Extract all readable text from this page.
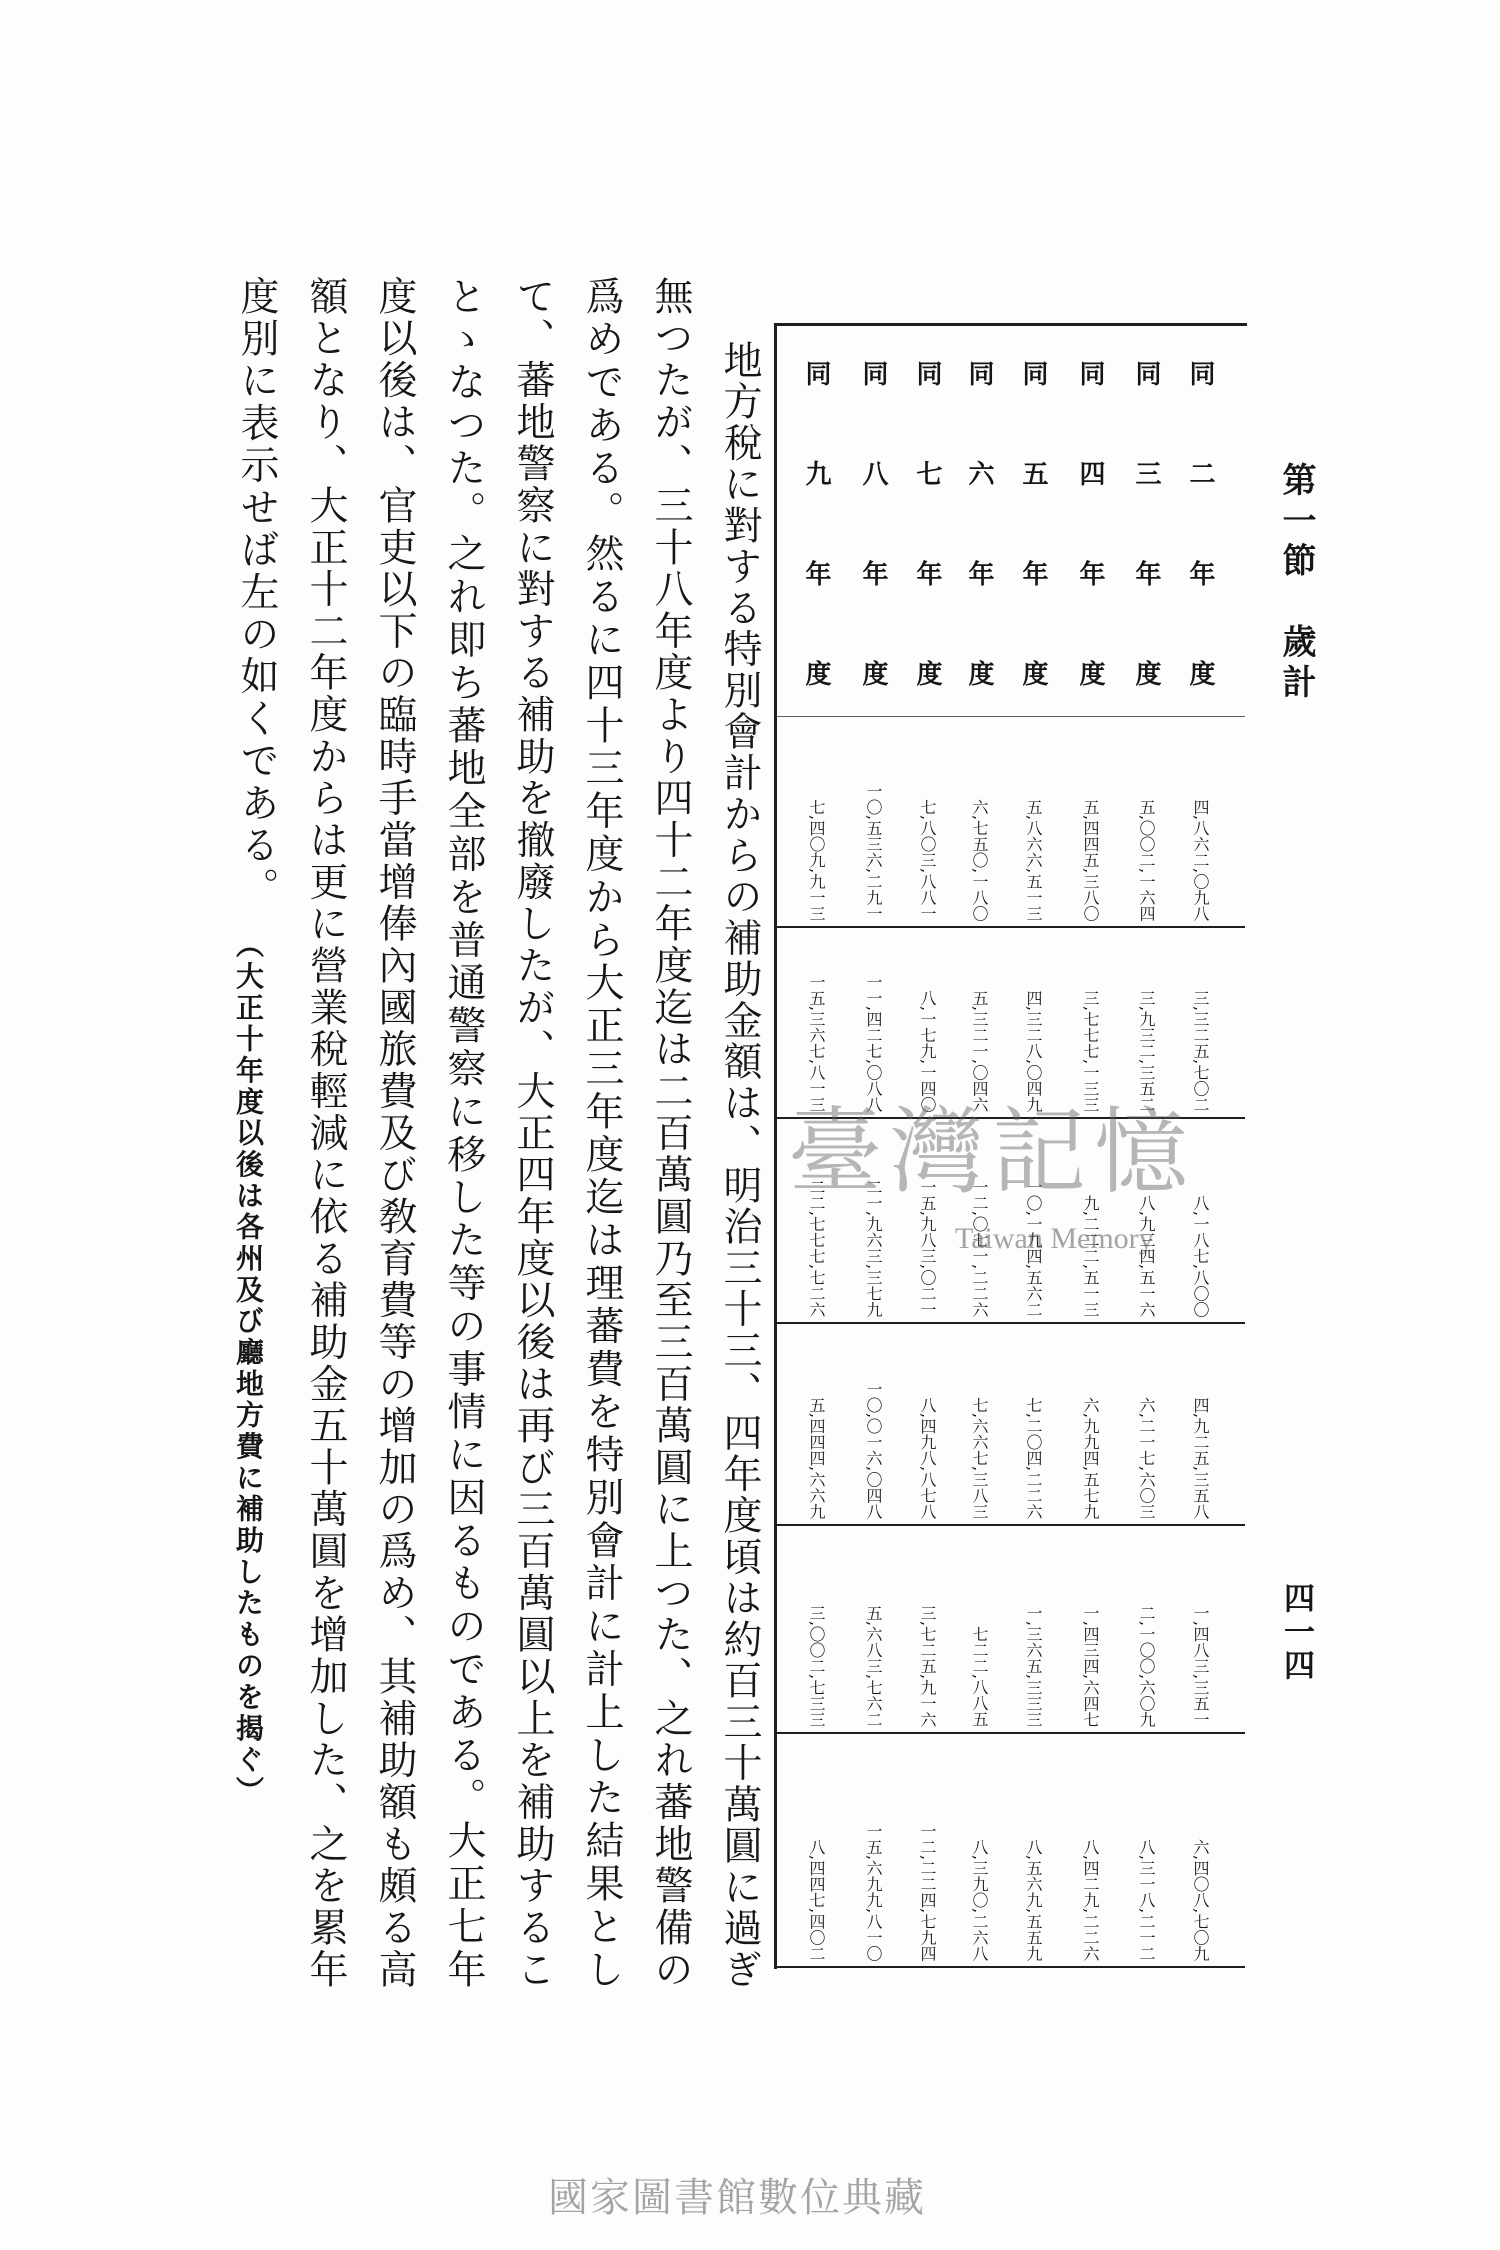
第一節　歲計
四一四
同二年度
四,八六二,〇九八
三,三二五,七〇二
八,一八七,八〇〇
四,九二五,三五八
一,四八三,三五一
六,四〇八,七〇九
同三年度
五,〇〇二,一六四
三,九三二,三五二
八,九三四,五一六
六,二一七,六〇三
二,一〇〇,六〇九
八,三一八,二一二
同四年度
五,四四五,三八〇
三,七七七,一三三
九,二二二,五一三
六,九九四,五七九
一,四三四,六四七
八,四二九,二二六
同五年度
五,八六六,五一三
四,三二八,〇四九
一〇,一九四,五六二
七,二〇四,二二六
一,三六五,三三三
八,五六九,五五九
同六年度
六,七五〇,一八〇
五,三二一,〇四六
一二,〇七一,二二六
七,六六七,三八三
七二二,八八五
八,三九〇,二六八
同七年度
七,八〇三,八八一
八,一七九,一四〇
一五,九八三,〇二一
八,四九八,八七八
三,七二五,九一六
一二,二二四,七九四
同八年度
一〇,五三六,二九一
一一,四二七,〇八八
二一,九六三,三七九
一〇,〇一六,〇四八
五,六八三,七六二
一五,六九九,八一〇
同九年度
七,四〇九,九一三
一五,三六七,八一三
二二,七七七,七二六
五,四四四,六六九
三,〇〇二,七三三
八,四四七,四〇二
地方稅に對する特別會計からの補助金額は、明治三十三、四年度頃は約百三十萬圓に過ぎ
無つたが、三十八年度より四十二年度迄は二百萬圓乃至三百萬圓に上つた、之れ蕃地警備の
爲めである。然るに四十三年度から大正三年度迄は理蕃費を特別會計に計上した結果とし
て、蕃地警察に對する補助を撤廢したが、大正四年度以後は再び三百萬圓以上を補助するこ
とゝなつた。之れ即ち蕃地全部を普通警察に移した等の事情に因るものである。大正七年
度以後は、官吏以下の臨時手當增俸內國旅費及び敎育費等の增加の爲め、其補助額も頗る高
額となり、大正十二年度からは更に營業稅輕減に依る補助金五十萬圓を增加した、之を累年
度別に表示せば左の如くである。
（大正十年度以後は各州及び廳地方費に補助したものを揭ぐ）	臺灣記憶
Taiwan Memory
國家圖書館數位典藏
